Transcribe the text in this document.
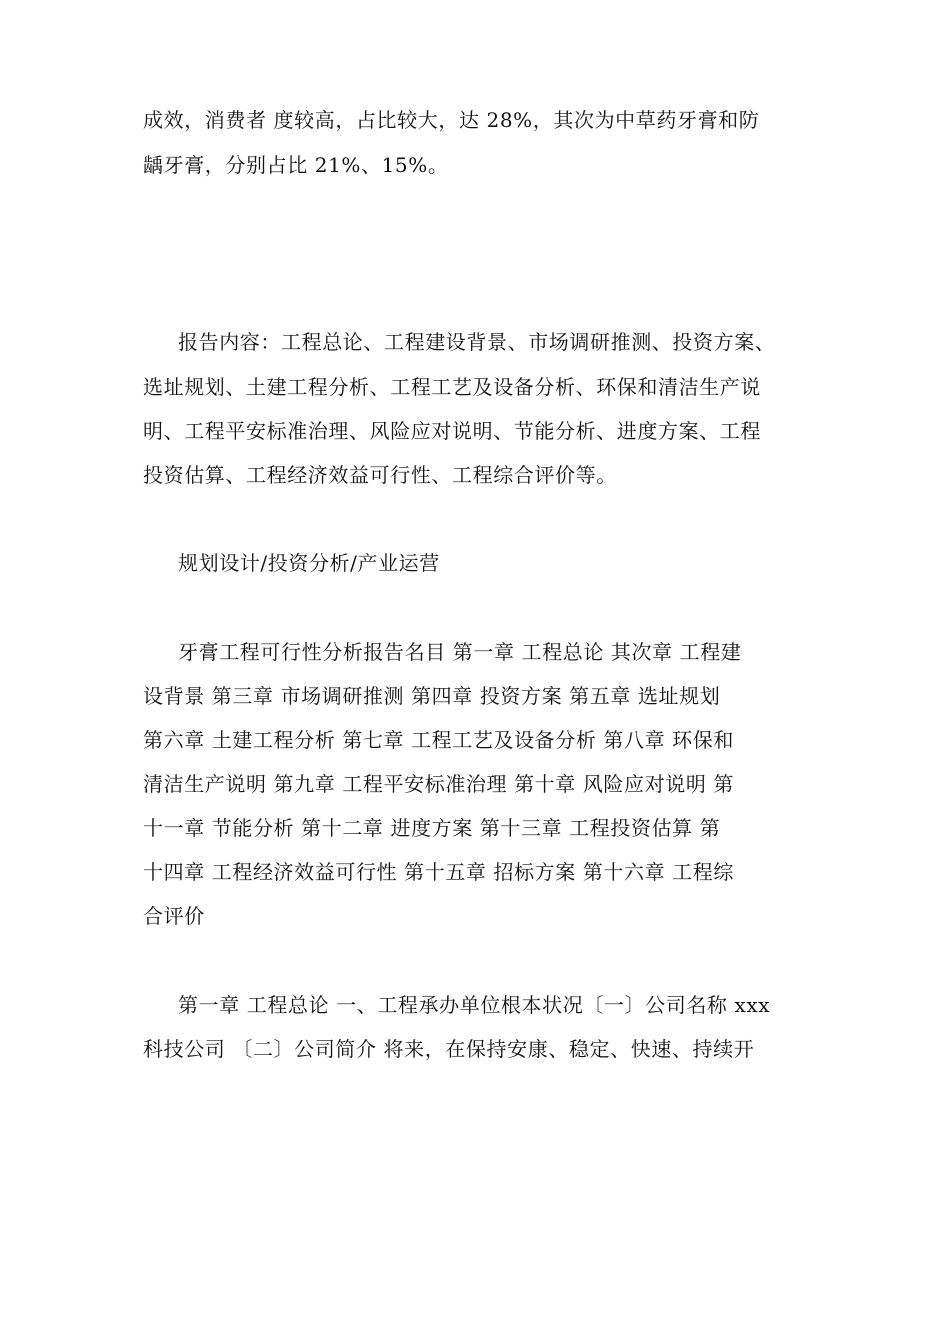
成效，消费者 度较高，占比较大，达 28%，其次为中草药牙膏和防
龋牙膏，分别占比 21%、15%。
报告内容：工程总论、工程建设背景、市场调研推测、投资方案、
选址规划、土建工程分析、工程工艺及设备分析、环保和清洁生产说
明、工程平安标准治理、风险应对说明、节能分析、进度方案、工程
投资估算、工程经济效益可行性、工程综合评价等。
规划设计/投资分析/产业运营
牙膏工程可行性分析报告名目 第一章 工程总论 其次章 工程建
设背景 第三章 市场调研推测 第四章 投资方案 第五章 选址规划
第六章 土建工程分析 第七章 工程工艺及设备分析 第八章 环保和
清洁生产说明 第九章 工程平安标准治理 第十章 风险应对说明 第
十一章 节能分析 第十二章 进度方案 第十三章 工程投资估算 第
十四章 工程经济效益可行性 第十五章 招标方案 第十六章 工程综
合评价
第一章 工程总论 一、工程承办单位根本状况〔一〕公司名称 xxx
科技公司 〔二〕公司简介 将来，在保持安康、稳定、快速、持续开
